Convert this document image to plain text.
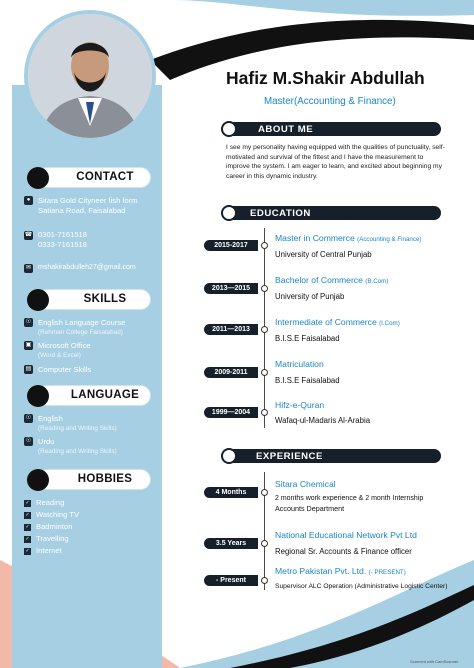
Hafiz M.Shakir Abdullah
Master(Accounting & Finance)
CONTACT
●	Sitara Gold Cityneer fish form
Satiana Road, Faisalabad
☎ 0301-7161518
0333-7161518
✉ mshakirabdulleh27@gmail.com
SKILLS
☉ English Language Course
(Rehman College Faisalabad)
▣ Microsoft Office
(Word & Excel)
▤ Computer Skills
LANGUAGE
☉ English
(Reading and Writing Skills)
☉ Urdu
(Reading and Writing Skills)
HOBBIES
✓ Reading
✓ Watching TV
✓ Badminton
✓ Travelling
✓ Internet
ABOUT ME
I see my personality having equipped with the qualities of punctuality, self-motivated and survival of the fittest and I have the measurement to improve the system. I am eager to learn, and excited about beginning my career in this dynamic industry.
EDUCATION
2015-2017
Master in Commerce (Accounting & Finance)
University of Central Punjab
2013—2015
Bachelor of Commerce (B.Com)
University of Punjab
2011—2013
Intermediate of Commerce (I.Com)
B.I.S.E Faisalabad
2009-2011
Matriculation
B.I.S.E Faisalabad
1999—2004
Hifz-e-Quran
Wafaq-ul-Madaris Al-Arabia
EXPERIENCE
4 Months
Sitara Chemical
2 months work experience & 2 month Internship
Accounts Department
3.5 Years
National Educational Network Pvt Ltd
Regional Sr. Accounts & Finance officer
- Present
Metro Pakistan Pvt. Ltd. (- PRESENT)
Supervisor ALC Operation (Administrative Logistic Center)
Scanned with CamScanner
